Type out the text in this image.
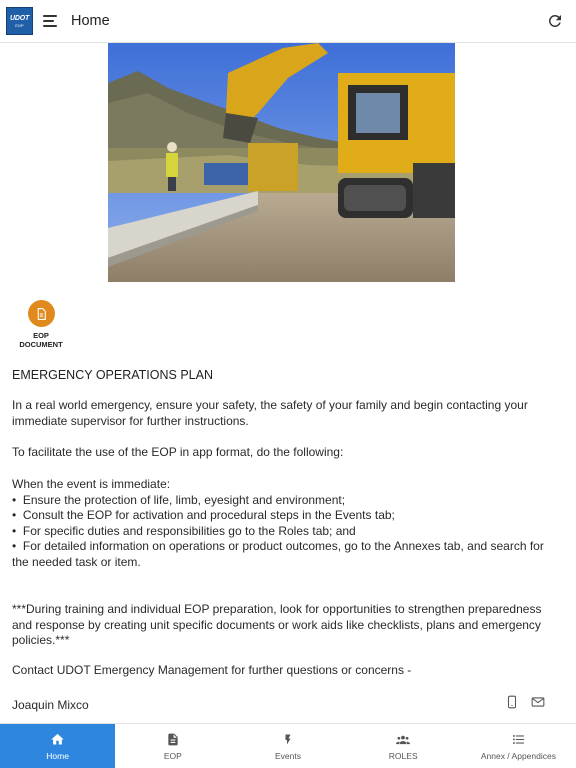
UDOT
EOP	Home
EOP
DOCUMENT
EMERGENCY OPERATIONS PLAN
In a real world emergency, ensure your safety, the safety of your family and begin contacting your immediate supervisor for further instructions.
To facilitate the use of the EOP in app format, do the following:
When the event is immediate:
•  Ensure the protection of life, limb, eyesight and environment;
•  Consult the EOP for activation and procedural steps in the Events tab;
•  For specific duties and responsibilities go to the Roles tab; and
•  For detailed information on operations or product outcomes, go to the Annexes tab, and search for the needed task or item.
***During training and individual EOP preparation, look for opportunities to strengthen preparedness and response by creating unit specific documents or work aids like checklists, plans and emergency policies.***
Contact UDOT Emergency Management for further questions or concerns -
Joaquin Mixco
Home	EOP	Events	ROLES	Annex / Appendices
